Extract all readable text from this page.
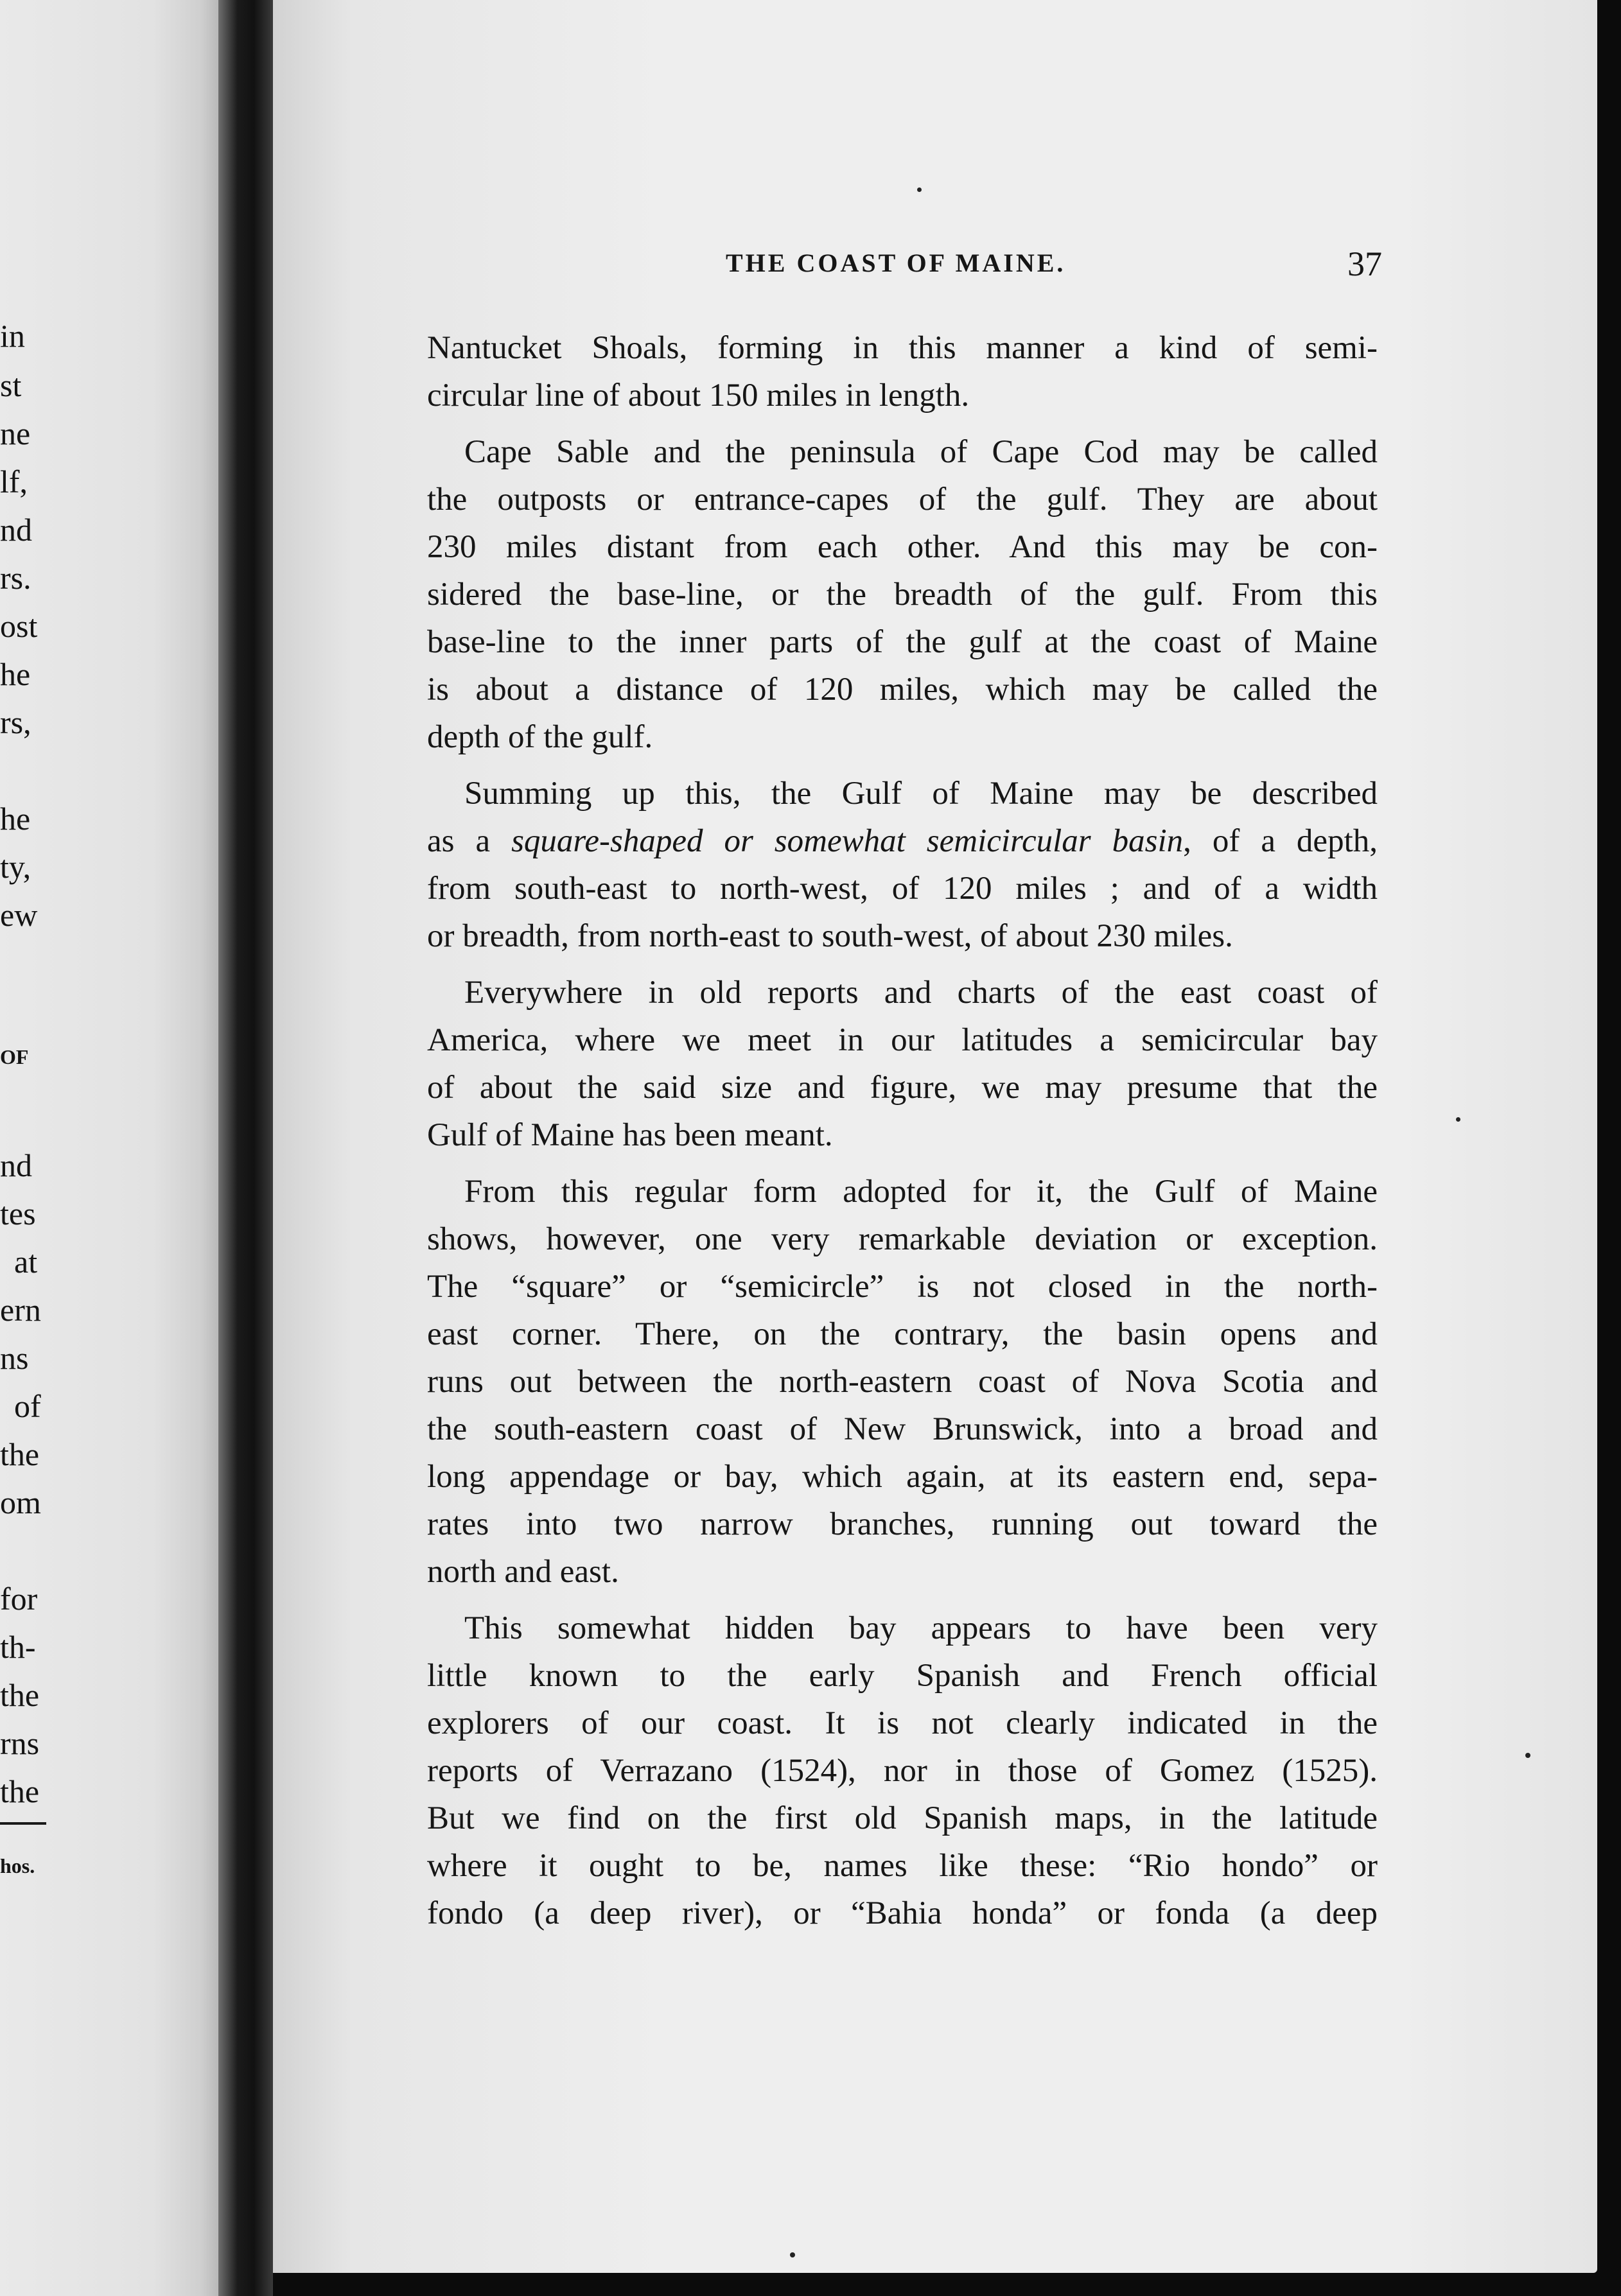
in

st

ne

lf,

nd

rs.

ost

he

rs,

he

ty,

ew

OF

nd

tes

at

ern

ns

of

the

om

for

th-

the

rns

the

hos.

THE COAST OF MAINE.	37

Nantucket Shoals, forming in this manner a kind of semi-
circular line of about 150 miles in length.
Cape Sable and the peninsula of Cape Cod may be called
the outposts or entrance-capes of the gulf. They are about
230 miles distant from each other. And this may be con-
sidered the base-line, or the breadth of the gulf. From this
base-line to the inner parts of the gulf at the coast of Maine
is about a distance of 120 miles, which may be called the
depth of the gulf.
Summing up this, the Gulf of Maine may be described
as a square-shaped or somewhat semicircular basin, of a depth,
from south-east to north-west, of 120 miles ; and of a width
or breadth, from north-east to south-west, of about 230 miles.
Everywhere in old reports and charts of the east coast of
America, where we meet in our latitudes a semicircular bay
of about the said size and figure, we may presume that the
Gulf of Maine has been meant.
From this regular form adopted for it, the Gulf of Maine
shows, however, one very remarkable deviation or exception.
The “square” or “semicircle” is not closed in the north-
east corner. There, on the contrary, the basin opens and
runs out between the north-eastern coast of Nova Scotia and
the south-eastern coast of New Brunswick, into a broad and
long appendage or bay, which again, at its eastern end, sepa-
rates into two narrow branches, running out toward the
north and east.
This somewhat hidden bay appears to have been very
little known to the early Spanish and French official
explorers of our coast. It is not clearly indicated in the
reports of Verrazano (1524), nor in those of Gomez (1525).
But we find on the first old Spanish maps, in the latitude
where it ought to be, names like these: “Rio hondo” or
fondo (a deep river), or “Bahia honda” or fonda (a deep
